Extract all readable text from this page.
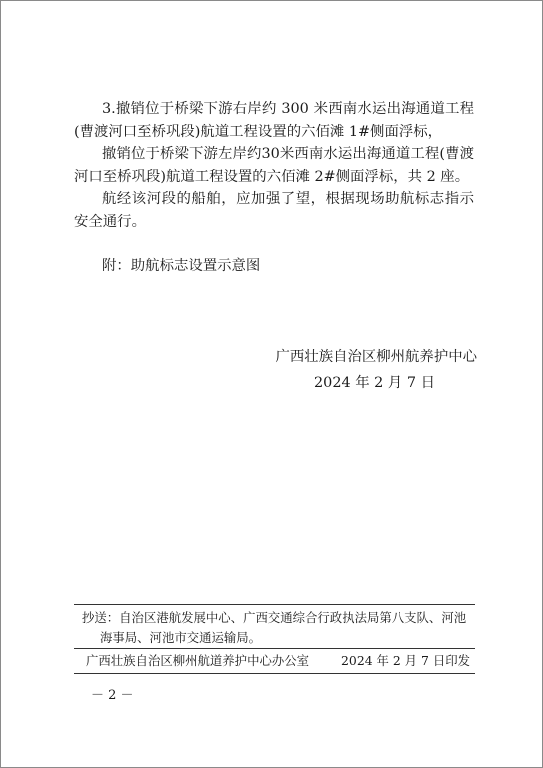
3.撤销位于桥梁下游右岸约 300 米西南水运出海通道工程(曹渡河口至桥巩段)航道工程设置的六佰滩 1#侧面浮标，

撤销位于桥梁下游左岸约30米西南水运出海通道工程(曹渡河口至桥巩段)航道工程设置的六佰滩 2#侧面浮标，共 2 座。

航经该河段的船舶，应加强了望，根据现场助航标志指示安全通行。

附：助航标志设置示意图

广西壮族自治区柳州航养护中心
2024 年 2 月 7 日
抄送：自治区港航发展中心、广西交通综合行政执法局第八支队、河池
海事局、河池市交通运输局。
广西壮族自治区柳州航道养护中心办公室	2024 年 2 月 7 日印发
－ 2 －
